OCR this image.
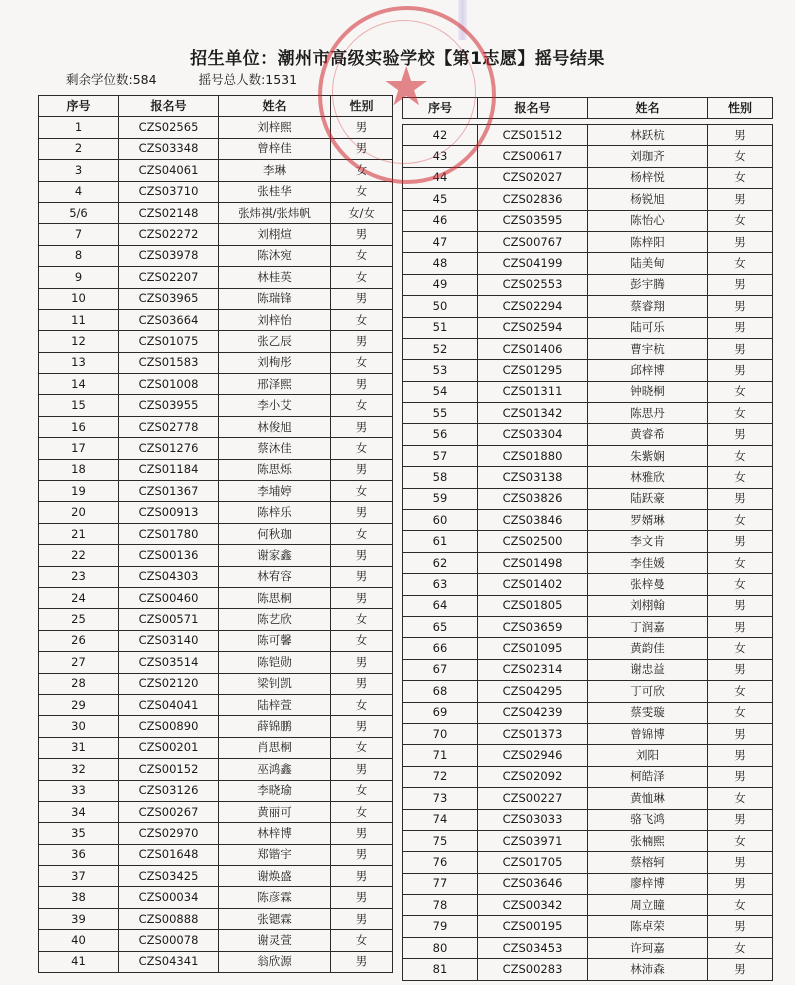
招生单位：潮州市高级实验学校【第1志愿】摇号结果
剩余学位数:584	摇号总人数:1531
序号	报名号	姓名	性别
1	CZS02565	刘梓熙	男
2	CZS03348	曾梓佳	男
3	CZS04061	李琳	女
4	CZS03710	张桂华	女
5/6	CZS02148	张炜祺/张炜帆	女/女
7	CZS02272	刘栩煊	男
8	CZS03978	陈沐宛	女
9	CZS02207	林桂英	女
10	CZS03965	陈瑞锋	男
11	CZS03664	刘梓怡	女
12	CZS01075	张乙辰	男
13	CZS01583	刘栒彤	女
14	CZS01008	邢泽熙	男
15	CZS03955	李小艾	女
16	CZS02778	林俊旭	男
17	CZS01276	蔡沐佳	女
18	CZS01184	陈思烁	男
19	CZS01367	李埔婷	女
20	CZS00913	陈梓乐	男
21	CZS01780	何秋珈	女
22	CZS00136	谢家鑫	男
23	CZS04303	林宥容	男
24	CZS00460	陈思桐	男
25	CZS00571	陈艺欣	女
26	CZS03140	陈可馨	女
27	CZS03514	陈铠勋	男
28	CZS02120	梁钊凯	男
29	CZS04041	陆梓萱	女
30	CZS00890	薛锦鹏	男
31	CZS00201	肖思桐	女
32	CZS00152	巫鸿鑫	男
33	CZS03126	李晓瑜	女
34	CZS00267	黄丽可	女
35	CZS02970	林梓博	男
36	CZS01648	郑锴宇	男
37	CZS03425	谢焕盛	男
38	CZS00034	陈彦霖	男
39	CZS00888	张锶霖	男
40	CZS00078	谢灵萱	女
41	CZS04341	翁欣源	男
序号	报名号	姓名	性别
42	CZS01512	林跃杭	男
43	CZS00617	刘珈齐	女
44	CZS02027	杨梓悦	女
45	CZS02836	杨锐旭	男
46	CZS03595	陈怡心	女
47	CZS00767	陈梓阳	男
48	CZS04199	陆美甸	女
49	CZS02553	彭宇腾	男
50	CZS02294	蔡睿翔	男
51	CZS02594	陆可乐	男
52	CZS01406	曹宇杭	男
53	CZS01295	邱梓博	男
54	CZS01311	钟晓桐	女
55	CZS01342	陈思丹	女
56	CZS03304	黄睿希	男
57	CZS01880	朱紫娴	女
58	CZS03138	林雅欣	女
59	CZS03826	陆跃豪	男
60	CZS03846	罗婿琳	女
61	CZS02500	李文肯	男
62	CZS01498	李佳媛	女
63	CZS01402	张梓曼	女
64	CZS01805	刘栩翰	男
65	CZS03659	丁润嘉	男
66	CZS01095	黄韵佳	女
67	CZS02314	谢忠益	男
68	CZS04295	丁可欣	女
69	CZS04239	蔡雯璇	女
70	CZS01373	曾锦博	男
71	CZS02946	刘阳	男
72	CZS02092	柯皓泽	男
73	CZS00227	黄恤琳	女
74	CZS03033	骆飞鸿	男
75	CZS03971	张楠熙	女
76	CZS01705	蔡榕轲	男
77	CZS03646	廖梓博	男
78	CZS00342	周立瞳	女
79	CZS00195	陈卓荣	男
80	CZS03453	许珂嘉	女
81	CZS00283	林沛森	男
★
